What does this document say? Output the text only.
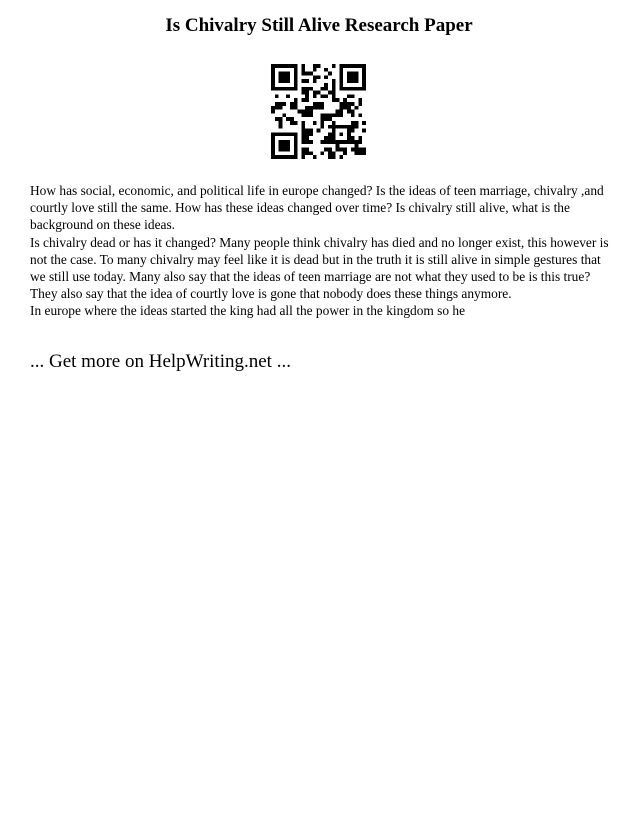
Is Chivalry Still Alive Research Paper

How has social, economic, and political life in europe changed? Is the ideas of teen marriage, chivalry ,and courtly love still the same. How has these ideas changed over time? Is chivalry still alive, what is the background on these ideas.

Is chivalry dead or has it changed? Many people think chivalry has died and no longer exist, this however is not the case. To many chivalry may feel like it is dead but in the truth it is still alive in simple gestures that we still use today. Many also say that the ideas of teen marriage are not what they used to be is this true? They also say that the idea of courtly love is gone that nobody does these things anymore.

In europe where the ideas started the king had all the power in the kingdom so he

... Get more on HelpWriting.net ...
